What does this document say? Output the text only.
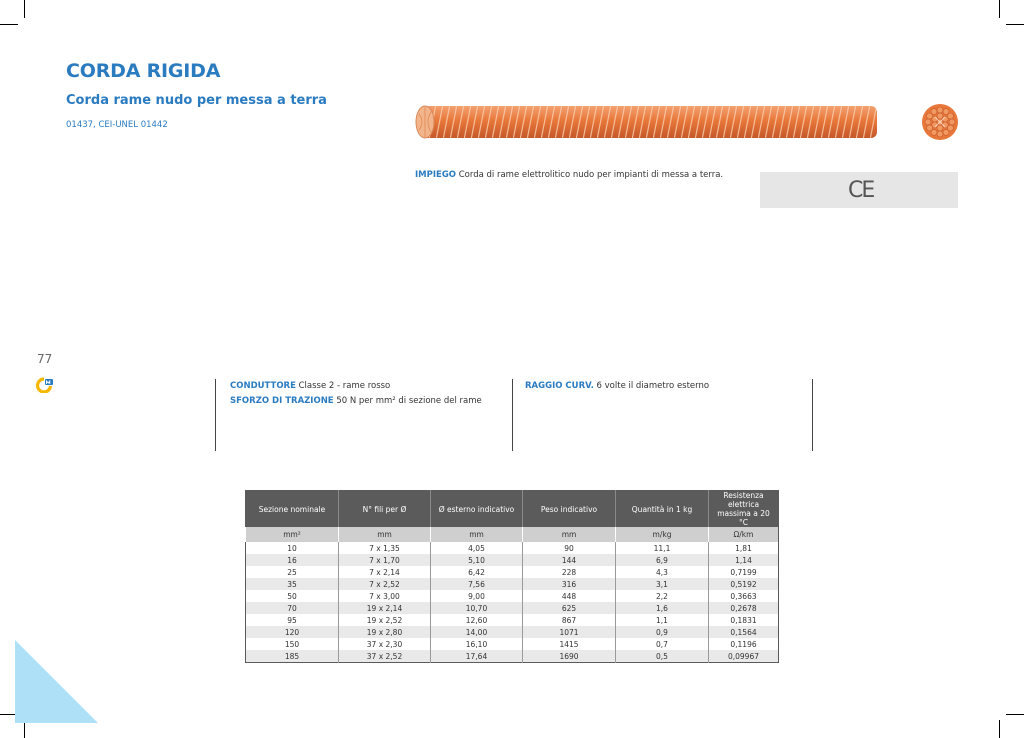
CORDA RIGIDA
Corda rame nudo per messa a terra
01437, CEI-UNEL 01442
IMPIEGO Corda di rame elettrolitico nudo per impianti di messa a terra.
CE
77
CONDUTTORE Classe 2 - rame rosso
SFORZO DI TRAZIONE 50 N per mm² di sezione del rame
RAGGIO CURV. 6 volte il diametro esterno
Sezione nominale	N° fili per Ø	Ø esterno indicativo	Peso indicativo	Quantità in 1 kg	Resistenza elettrica massima a 20 °C
mm²	mm	mm	mm	m/kg	Ω/km
10	7 x 1,35	4,05	90	11,1	1,81
16	7 x 1,70	5,10	144	6,9	1,14
25	7 x 2,14	6,42	228	4,3	0,7199
35	7 x 2,52	7,56	316	3,1	0,5192
50	7 x 3,00	9,00	448	2,2	0,3663
70	19 x 2,14	10,70	625	1,6	0,2678
95	19 x 2,52	12,60	867	1,1	0,1831
120	19 x 2,80	14,00	1071	0,9	0,1564
150	37 x 2,30	16,10	1415	0,7	0,1196
185	37 x 2,52	17,64	1690	0,5	0,09967
